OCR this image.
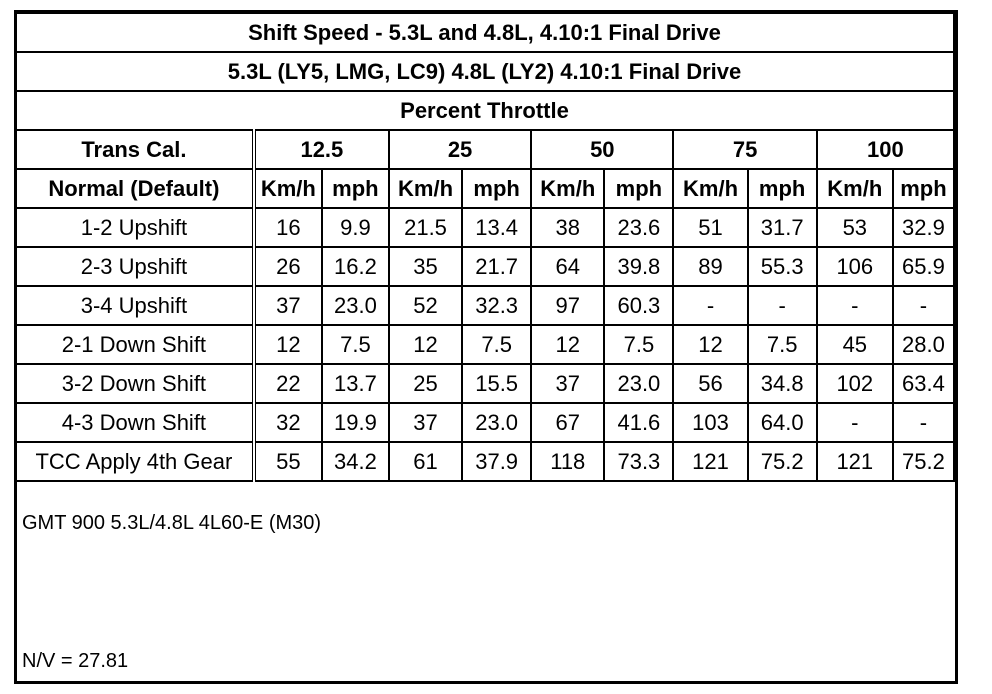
Shift Speed - 5.3L and 4.8L, 4.10:1 Final Drive										
5.3L (LY5, LMG, LC9) 4.8L (LY2) 4.10:1 Final Drive										
Percent Throttle										
Trans Cal.	12.5		25		50		75		100	
Normal (Default)	Km/h	mph	Km/h	mph	Km/h	mph	Km/h	mph	Km/h	mph
1-2 Upshift	16	9.9	21.5	13.4	38	23.6	51	31.7	53	32.9
2-3 Upshift	26	16.2	35	21.7	64	39.8	89	55.3	106	65.9
3-4 Upshift	37	23.0	52	32.3	97	60.3	-	-	-	-
2-1 Down Shift	12	7.5	12	7.5	12	7.5	12	7.5	45	28.0
3-2 Down Shift	22	13.7	25	15.5	37	23.0	56	34.8	102	63.4
4-3 Down Shift	32	19.9	37	23.0	67	41.6	103	64.0	-	-
TCC Apply 4th Gear	55	34.2	61	37.9	118	73.3	121	75.2	121	75.2
GMT 900 5.3L/4.8L 4L60-E (M30)
N/V = 27.81
